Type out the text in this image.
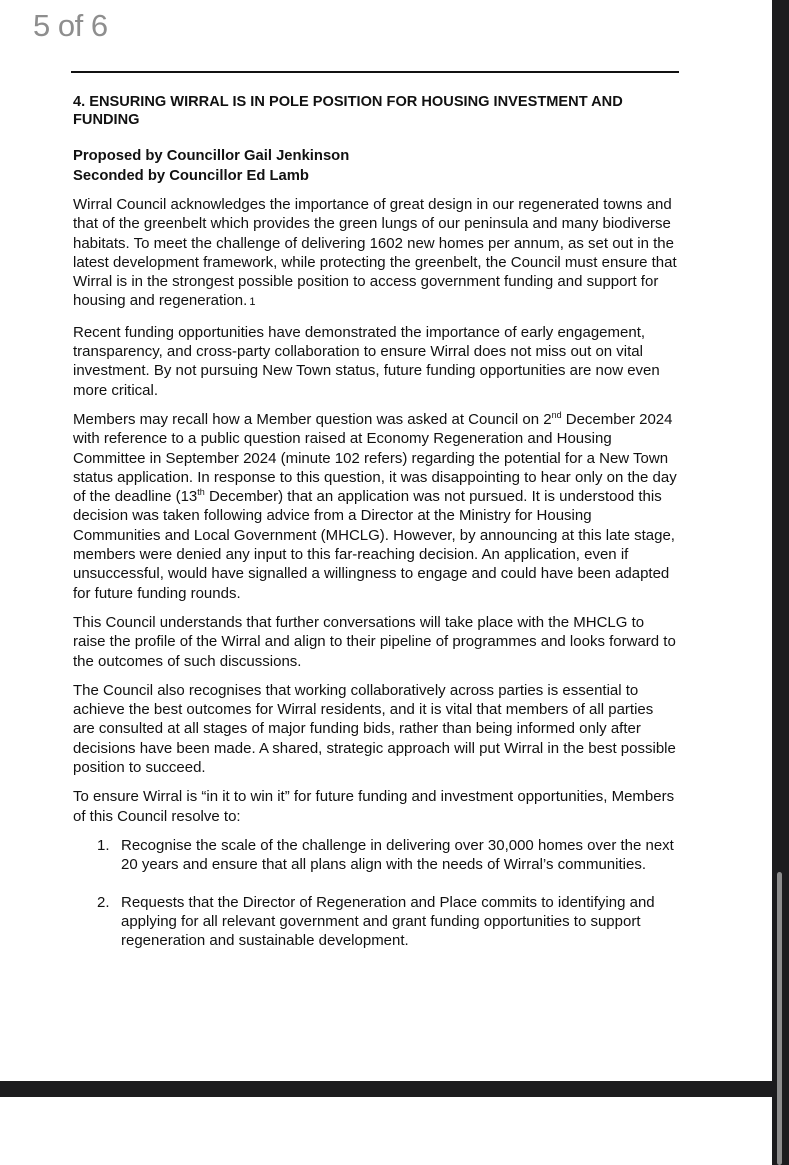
4. ENSURING WIRRAL IS IN POLE POSITION FOR HOUSING INVESTMENT AND FUNDING

Proposed by Councillor Gail Jenkinson

Seconded by Councillor Ed Lamb

Wirral Council acknowledges the importance of great design in our regenerated towns and that of the greenbelt which provides the green lungs of our peninsula and many biodiverse habitats. To meet the challenge of delivering 1602 new homes per annum, as set out in the latest development framework, while protecting the greenbelt, the Council must ensure that Wirral is in the strongest possible position to access government funding and support for housing and regeneration. 1

Recent funding opportunities have demonstrated the importance of early engagement, transparency, and cross-party collaboration to ensure Wirral does not miss out on vital investment. By not pursuing New Town status, future funding opportunities are now even more critical.

Members may recall how a Member question was asked at Council on 2nd December 2024 with reference to a public question raised at Economy Regeneration and Housing Committee in September 2024 (minute 102 refers) regarding the potential for a New Town status application. In response to this question, it was disappointing to hear only on the day of the deadline (13th December) that an application was not pursued. It is understood this decision was taken following advice from a Director at the Ministry for Housing Communities and Local Government (MHCLG). However, by announcing at this late stage, members were denied any input to this far-reaching decision. An application, even if unsuccessful, would have signalled a willingness to engage and could have been adapted for future funding rounds.

This Council understands that further conversations will take place with the MHCLG to raise the profile of the Wirral and align to their pipeline of programmes and looks forward to the outcomes of such discussions.

The Council also recognises that working collaboratively across parties is essential to achieve the best outcomes for Wirral residents, and it is vital that members of all parties are consulted at all stages of major funding bids, rather than being informed only after decisions have been made. A shared, strategic approach will put Wirral in the best possible position to succeed.

To ensure Wirral is “in it to win it” for future funding and investment opportunities, Members of this Council resolve to:

1. Recognise the scale of the challenge in delivering over 30,000 homes over the next 20 years and ensure that all plans align with the needs of Wirral’s communities.
2. Requests that the Director of Regeneration and Place commits to identifying and applying for all relevant government and grant funding opportunities to support regeneration and sustainable development.
5 of 6
